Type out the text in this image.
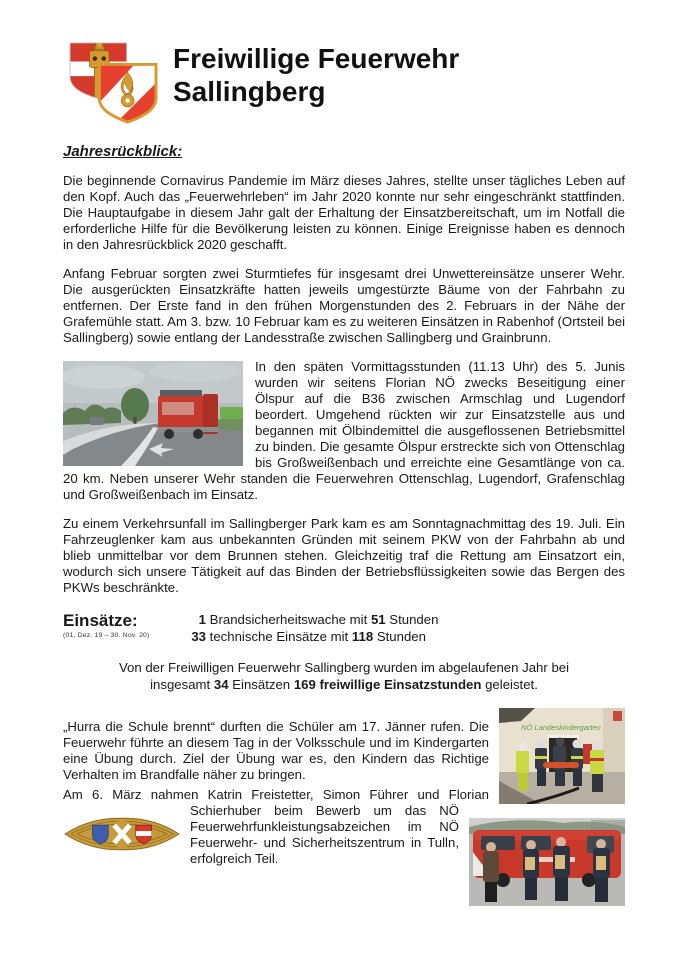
Freiwillige Feuerwehr
Sallingberg
Jahresrückblick:

Die beginnende Cornavirus Pandemie im März dieses Jahres, stellte unser tägliches Leben auf den Kopf. Auch das „Feuerwehrleben“ im Jahr 2020 konnte nur sehr eingeschränkt stattfinden. Die Hauptaufgabe in diesem Jahr galt der Erhaltung der Einsatzbereitschaft, um im Notfall die erforderliche Hilfe für die Bevölkerung leisten zu können. Einige Ereignisse haben es dennoch in den Jahresrückblick 2020 geschafft.

Anfang Februar sorgten zwei Sturmtiefes für insgesamt drei Unwettereinsätze unserer Wehr. Die ausgerückten Einsatzkräfte hatten jeweils umgestürzte Bäume von der Fahrbahn zu entfernen. Der Erste fand in den frühen Morgenstunden des 2. Februars in der Nähe der Grafemühle statt. Am 3. bzw. 10 Februar kam es zu weiteren Einsätzen in Rabenhof (Ortsteil bei Sallingberg) sowie entlang der Landesstraße zwischen Sallingberg und Grainbrunn.

In den späten Vormittagsstunden (11.13 Uhr) des 5. Junis wurden wir seitens Florian NÖ zwecks Beseitigung einer Ölspur auf die B36 zwischen Armschlag und Lugendorf beordert. Umgehend rückten wir zur Einsatzstelle aus und begannen mit Ölbindemittel die ausgeflossenen Betriebsmittel zu binden. Die gesamte Ölspur erstreckte sich von Ottenschlag bis Großweißenbach und erreichte eine Gesamtlänge von ca. 20 km. Neben unserer Wehr standen die Feuerwehren Ottenschlag, Lugendorf, Grafenschlag und Großweißenbach im Einsatz.

Zu einem Verkehrsunfall im Sallingberger Park kam es am Sonntagnachmittag des 19. Juli. Ein Fahrzeuglenker kam aus unbekannten Gründen mit seinem PKW von der Fahrbahn ab und blieb unmittelbar vor dem Brunnen stehen. Gleichzeitig traf die Rettung am Einsatzort ein, wodurch sich unsere Tätigkeit auf das Binden der Betriebsflüssigkeiten sowie das Bergen des PKWs beschränkte.

Einsätze:
(01. Dez. 19 – 30. Nov. 20)
1 Brandsicherheitswache mit 51 Stunden
33 technische Einsätze mit 118 Stunden

Von der Freiwilligen Feuerwehr Sallingberg wurden im abgelaufenen Jahr bei
insgesamt 34 Einsätzen 169 freiwillige Einsatzstunden geleistet.

NÖ Landeskindergarten

„Hurra die Schule brennt“ durften die Schüler am 17. Jänner rufen. Die Feuerwehr führte an diesem Tag in der Volksschule und im Kindergarten eine Übung durch. Ziel der Übung war es, den Kindern das Richtige Verhalten im Brandfalle näher zu bringen.

Am 6. März nahmen Katrin Freistetter, Simon Führer und Florian Schierhuber beim Bewerb um das NÖ Feuerwehrfunkleistungsabzeichen im NÖ Feuerwehr- und Sicherheitszentrum in Tulln, erfolgreich Teil.
